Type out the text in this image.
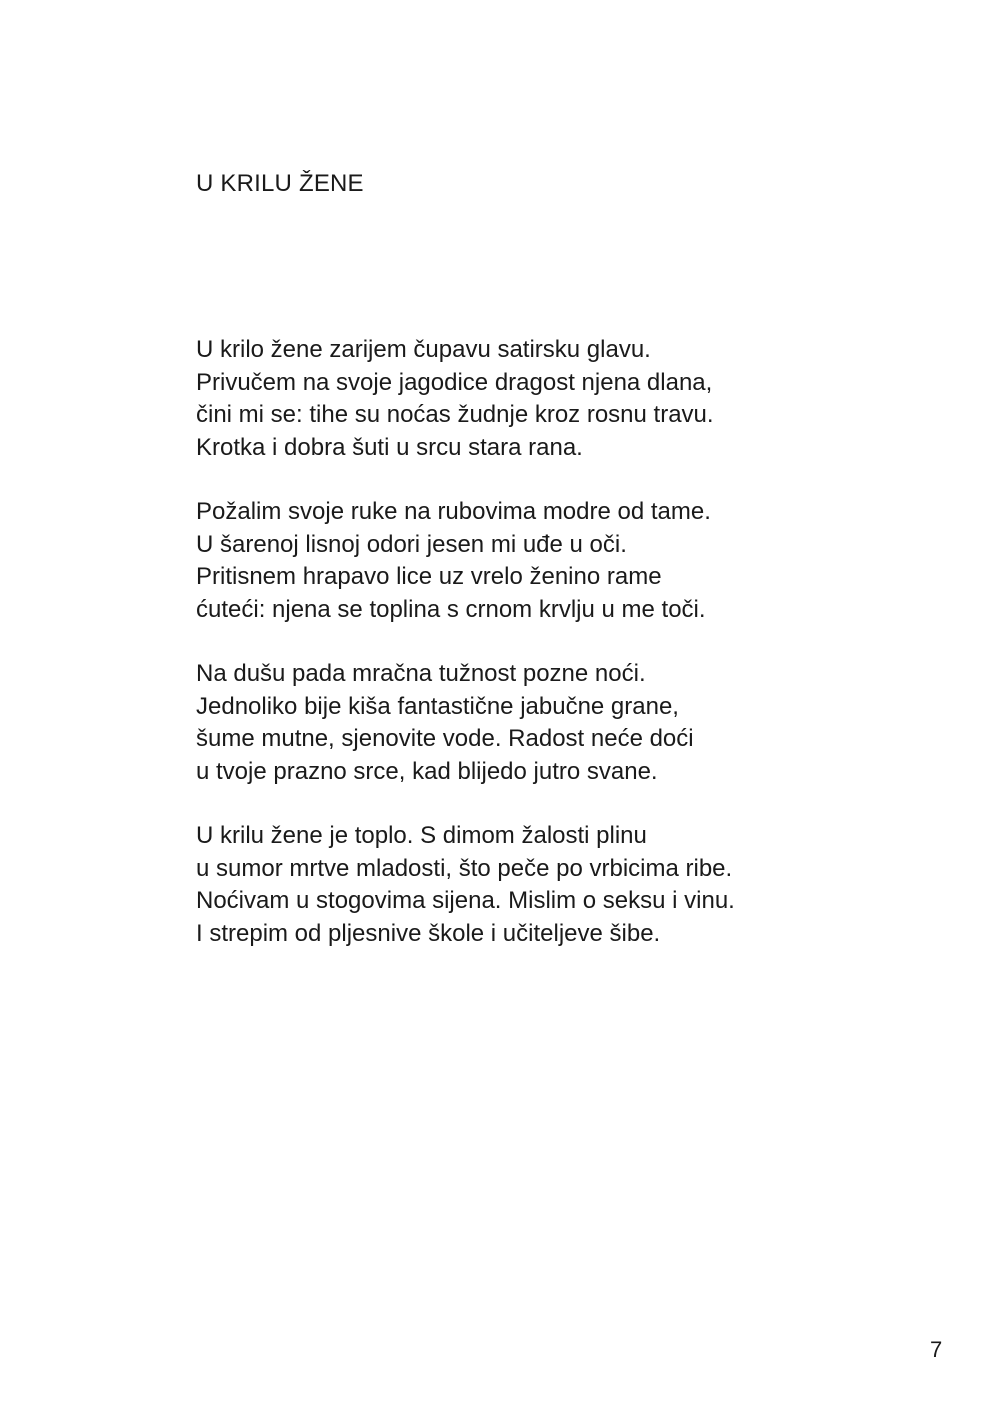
U KRILU ŽENE
U krilo žene zarijem čupavu satirsku glavu.
Privučem na svoje jagodice dragost njena dlana,
čini mi se: tihe su noćas žudnje kroz rosnu travu.
Krotka i dobra šuti u srcu stara rana.
Požalim svoje ruke na rubovima modre od tame.
U šarenoj lisnoj odori jesen mi uđe u oči.
Pritisnem hrapavo lice uz vrelo ženino rame
ćuteći: njena se toplina s crnom krvlju u me toči.
Na dušu pada mračna tužnost pozne noći.
Jednoliko bije kiša fantastične jabučne grane,
šume mutne, sjenovite vode. Radost neće doći
u tvoje prazno srce, kad blijedo jutro svane.
U krilu žene je toplo. S dimom žalosti plinu
u sumor mrtve mladosti, što peče po vrbicima ribe.
Noćivam u stogovima sijena. Mislim o seksu i vinu.
I strepim od pljesnive škole i učiteljeve šibe.
7
